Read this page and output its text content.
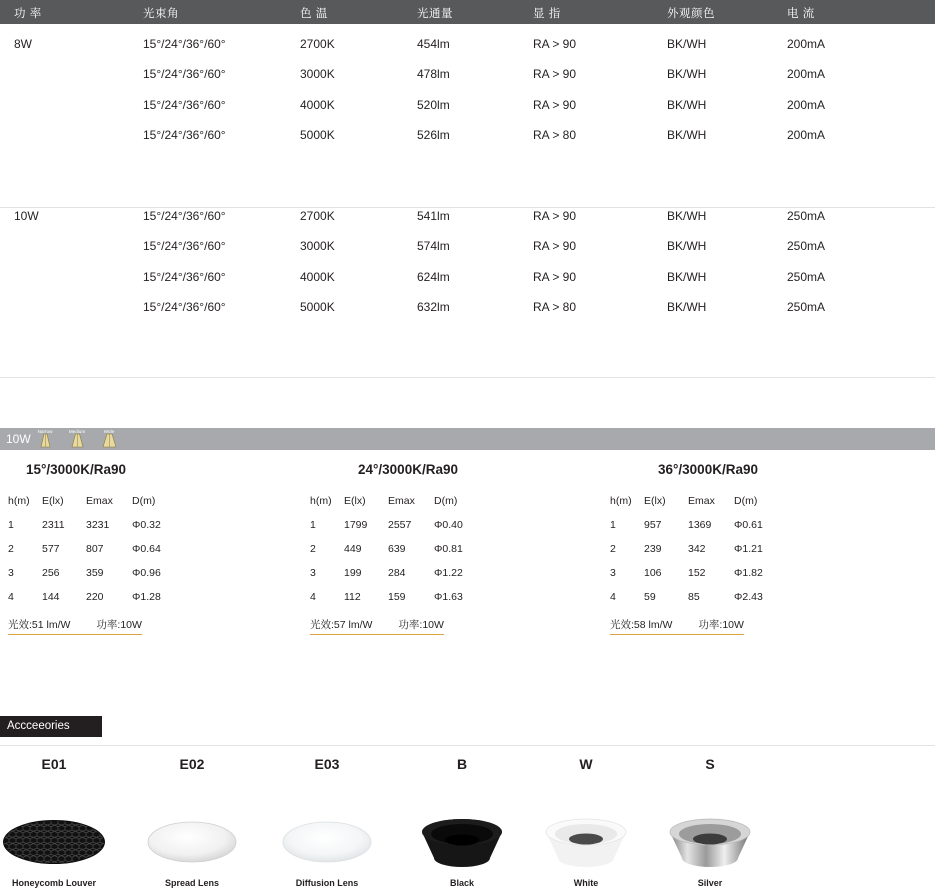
功 率	光束角	色 温	光通量	显 指	外观颜色	电 流
8W	15°/24°/36°/60°	2700K	454lm	RA > 90	BK/WH	200mA
15°/24°/36°/60°	3000K	478lm	RA > 90	BK/WH	200mA
15°/24°/36°/60°	4000K	520lm	RA > 90	BK/WH	200mA
15°/24°/36°/60°	5000K	526lm	RA > 80	BK/WH	200mA
10W	15°/24°/36°/60°	2700K	541lm	RA > 90	BK/WH	250mA
15°/24°/36°/60°	3000K	574lm	RA > 90	BK/WH	250mA
15°/24°/36°/60°	4000K	624lm	RA > 90	BK/WH	250mA
15°/24°/36°/60°	5000K	632lm	RA > 80	BK/WH	250mA
10W
Narrow	Medium	Wide
15°/3000K/Ra90
h(m)	E(lx)	Emax	D(m)
1	2311	3231	Φ0.32
2	577	807	Φ0.64
3	256	359	Φ0.96
4	144	220	Φ1.28
光效:51 lm/W 功率:10W
24°/3000K/Ra90
h(m)	E(lx)	Emax	D(m)
1	1799	2557	Φ0.40
2	449	639	Φ0.81
3	199	284	Φ1.22
4	112	159	Φ1.63
光效:57 lm/W 功率:10W
36°/3000K/Ra90
h(m)	E(lx)	Emax	D(m)
1	957	1369	Φ0.61
2	239	342	Φ1.21
3	106	152	Φ1.82
4	59	85	Φ2.43
光效:58 lm/W 功率:10W
Accceeories
E01
Honeycomb Louver
E02
Spread Lens
E03
Diffusion Lens
B
Black
W
White
S
Silver
